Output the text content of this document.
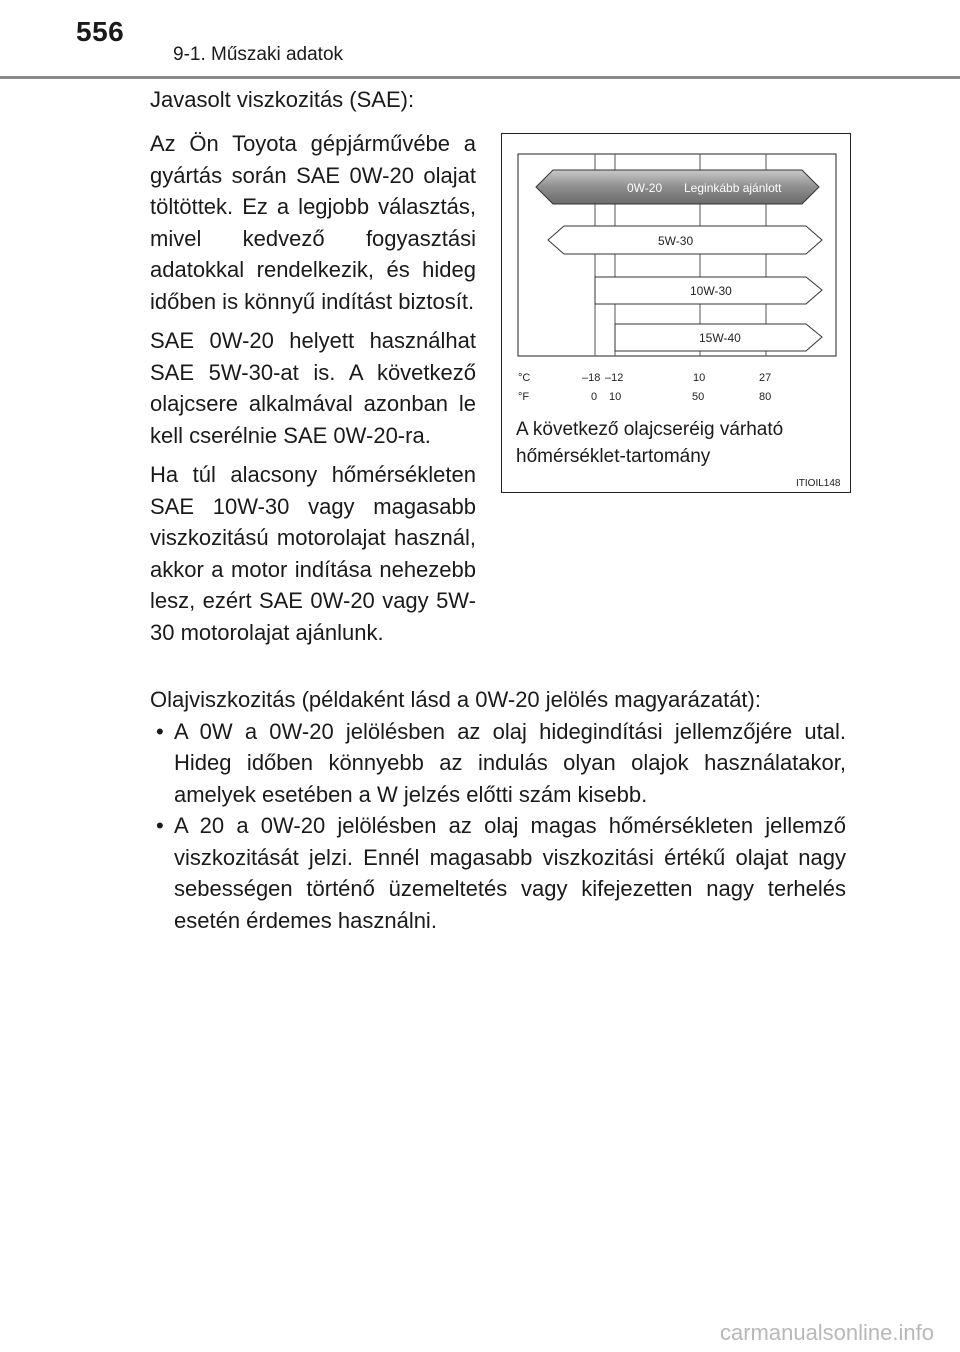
556
9-1. Műszaki adatok
Javasolt viszkozitás (SAE):

Az Ön Toyota gépjárművébe a gyártás során SAE 0W-20 olajat töltöttek. Ez a legjobb választás, mivel kedvező fogyasztási adatokkal rendelkezik, és hideg időben is könnyű indítást biztosít.

SAE 0W-20 helyett használhat SAE 5W-30-at is. A következő olajcsere alkalmával azonban le kell cserélnie SAE 0W-20-ra.

Ha túl alacsony hőmérsékleten SAE 10W-30 vagy magasabb viszkozitású motorolajat használ, akkor a motor indítása nehezebb lesz, ezért SAE 0W-20 vagy 5W-30 motorolajat ajánlunk.

0W-20 Leginkább ajánlott
5W-30
10W-30
15W-40
°C	–18 –12	10	27
°F	0 10	50	80
A következő olajcseréig várható
hőmérséklet-tartomány
ITIOIL148
Olajviszkozitás (példaként lásd a 0W-20 jelölés magyarázatát):
• A 0W a 0W-20 jelölésben az olaj hidegindítási jellemzőjére utal. Hideg időben könnyebb az indulás olyan olajok használatakor, amelyek esetében a W jelzés előtti szám kisebb.
• A 20 a 0W-20 jelölésben az olaj magas hőmérsékleten jellemző viszkozitását jelzi. Ennél magasabb viszkozitási értékű olajat nagy sebességen történő üzemeltetés vagy kifejezetten nagy terhelés esetén érdemes használni.
carmanualsonline.info
